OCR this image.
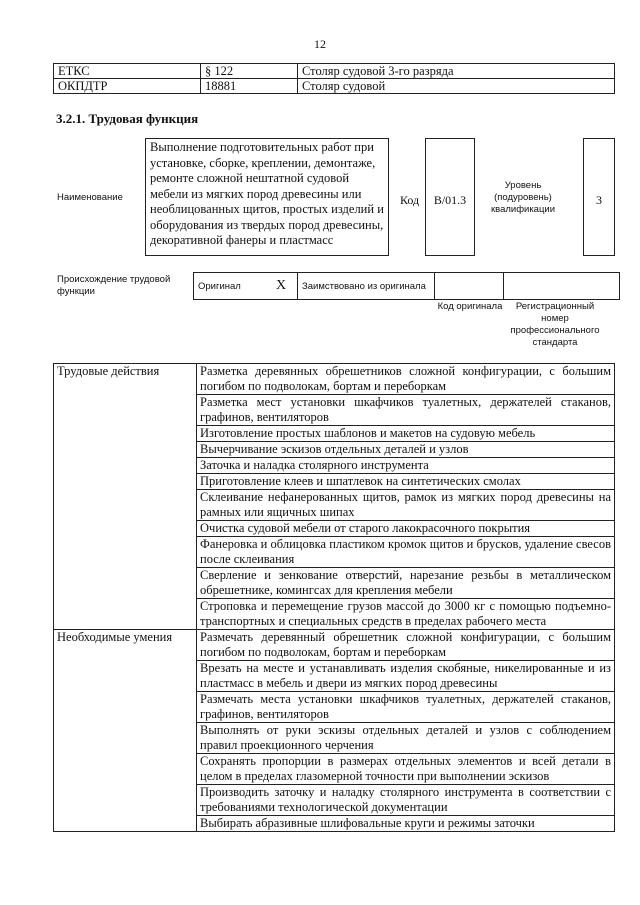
12
ЕТКС	§ 122	Столяр судовой 3-го разряда
ОКПДТР	18881	Столяр судовой
3.2.1. Трудовая функция
Наименование
Выполнение подготовительных работ при установке, сборке, креплении, демонтаже, ремонте сложной нештатной судовой мебели из мягких пород древесины или необлицованных щитов, простых изделий и оборудования из твердых пород древесины, декоративной фанеры и пластмасс
Код	B/01.3
Уровень (подуровень) квалификации
3
Происхождение трудовой функции	Оригинал	X	Заимствовано из оригинала		
Код оригинала	Регистрационный номер профессионального стандарта
Трудовые действия	Разметка деревянных обрешетников сложной конфигурации, с большим погибом по подволокам, бортам и переборкам
	Разметка мест установки шкафчиков туалетных, держателей стаканов, графинов, вентиляторов
	Изготовление простых шаблонов и макетов на судовую мебель
	Вычерчивание эскизов отдельных деталей и узлов
	Заточка и наладка столярного инструмента
	Приготовление клеев и шпатлевок на синтетических смолах
	Склеивание нефанерованных щитов, рамок из мягких пород древесины на рамных или ящичных шипах
	Очистка судовой мебели от старого лакокрасочного покрытия
	Фанеровка и облицовка пластиком кромок щитов и брусков, удаление свесов после склеивания
	Сверление и зенкование отверстий, нарезание резьбы в металлическом обрешетнике, комингсах для крепления мебели
	Строповка и перемещение грузов массой до 3000 кг с помощью подъемно-транспортных и специальных средств в пределах рабочего места
Необходимые умения	Размечать деревянный обрешетник сложной конфигурации, с большим погибом по подволокам, бортам и переборкам
	Врезать на месте и устанавливать изделия скобяные, никелированные и из пластмасс в мебель и двери из мягких пород древесины
	Размечать места установки шкафчиков туалетных, держателей стаканов, графинов, вентиляторов
	Выполнять от руки эскизы отдельных деталей и узлов с соблюдением правил проекционного черчения
	Сохранять пропорции в размерах отдельных элементов и всей детали в целом в пределах глазомерной точности при выполнении эскизов
	Производить заточку и наладку столярного инструмента в соответствии с требованиями технологической документации
	Выбирать абразивные шлифовальные круги и режимы заточки
